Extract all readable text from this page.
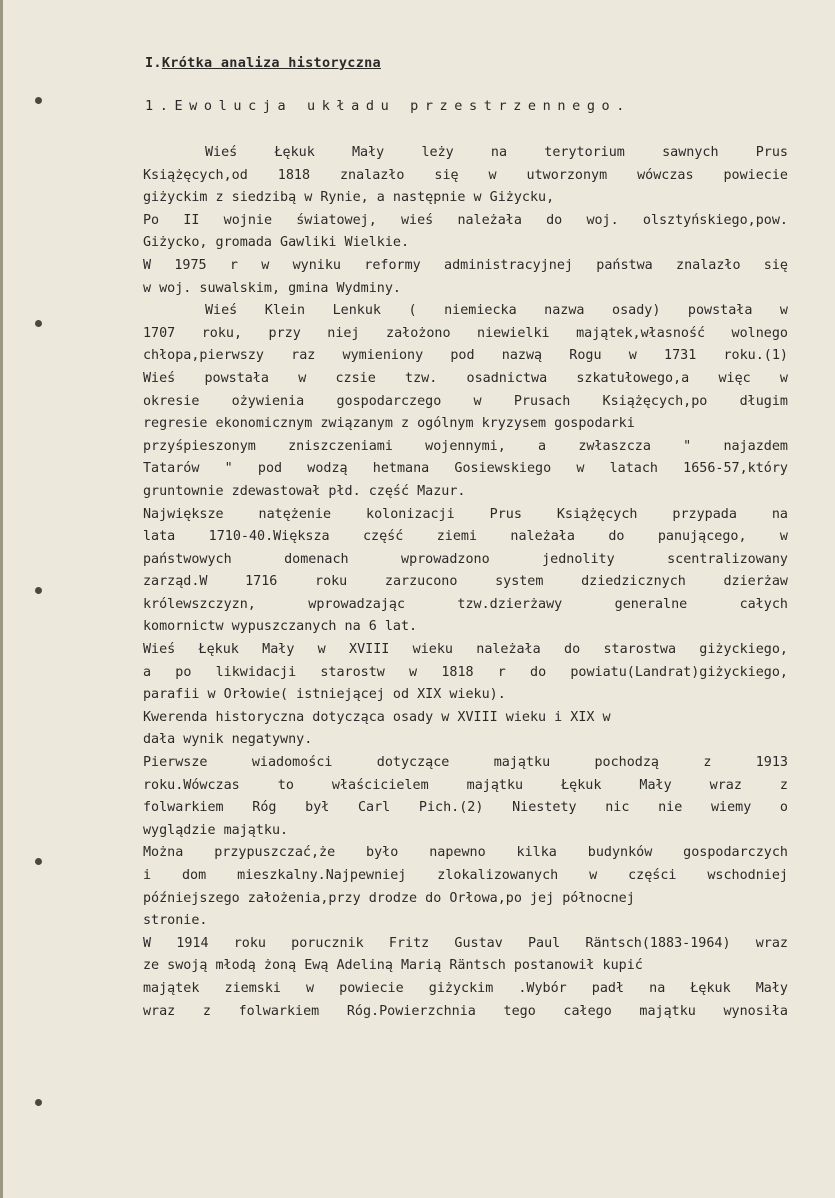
I.Krótka analiza historyczna
1.Ewolucja układu przestrzennego.
Wieś Łękuk Mały leży na terytorium sawnych Prus
Książęcych,od 1818 znalazło się w utworzonym wówczas powiecie
giżyckim z siedzibą w Rynie, a następnie w Giżycku,
Po II wojnie światowej, wieś należała do woj. olsztyńskiego,pow.
Giżycko, gromada Gawliki Wielkie.
W 1975 r w wyniku reformy administracyjnej państwa znalazło się
w woj. suwalskim, gmina Wydminy.
Wieś Klein Lenkuk ( niemiecka nazwa osady) powstała w
1707 roku, przy niej założono niewielki majątek,własność wolnego
chłopa,pierwszy raz wymieniony pod nazwą Rogu w 1731 roku.(1)
Wieś powstała w czsie tzw. osadnictwa szkatułowego,a więc w
okresie ożywienia gospodarczego w Prusach Książęcych,po długim
regresie ekonomicznym związanym z ogólnym kryzysem gospodarki
przyśpieszonym zniszczeniami wojennymi, a zwłaszcza " najazdem
Tatarów " pod wodzą hetmana Gosiewskiego w latach 1656-57,który
gruntownie zdewastował płd. część Mazur.
Największe natężenie kolonizacji Prus Książęcych przypada na
lata 1710-40.Większa część ziemi należała do panującego, w
państwowych domenach wprowadzono jednolity scentralizowany
zarząd.W 1716 roku zarzucono system dziedzicznych dzierżaw
królewszczyzn, wprowadzając tzw.dzierżawy generalne całych
komornictw wypuszczanych na 6 lat.
Wieś Łękuk Mały w XVIII wieku należała do starostwa giżyckiego,
a po likwidacji starostw w 1818 r do powiatu(Landrat)giżyckiego,
parafii w Orłowie( istniejącej od XIX wieku).
Kwerenda historyczna dotycząca osady w XVIII wieku i XIX w
dała wynik negatywny.
Pierwsze wiadomości dotyczące majątku pochodzą z 1913
roku.Wówczas to właścicielem majątku Łękuk Mały wraz z
folwarkiem Róg był Carl Pich.(2) Niestety nic nie wiemy o
wyglądzie majątku.
Można przypuszczać,że było napewno kilka budynków gospodarczych
i dom mieszkalny.Najpewniej zlokalizowanych w części wschodniej
późniejszego założenia,przy drodze do Orłowa,po jej północnej
stronie.
W 1914 roku porucznik Fritz Gustav Paul Räntsch(1883-1964) wraz
ze swoją młodą żoną Ewą Adeliną Marią Räntsch postanowił kupić
majątek ziemski w powiecie giżyckim .Wybór padł na Łękuk Mały
wraz z folwarkiem Róg.Powierzchnia tego całego majątku wynosiła
